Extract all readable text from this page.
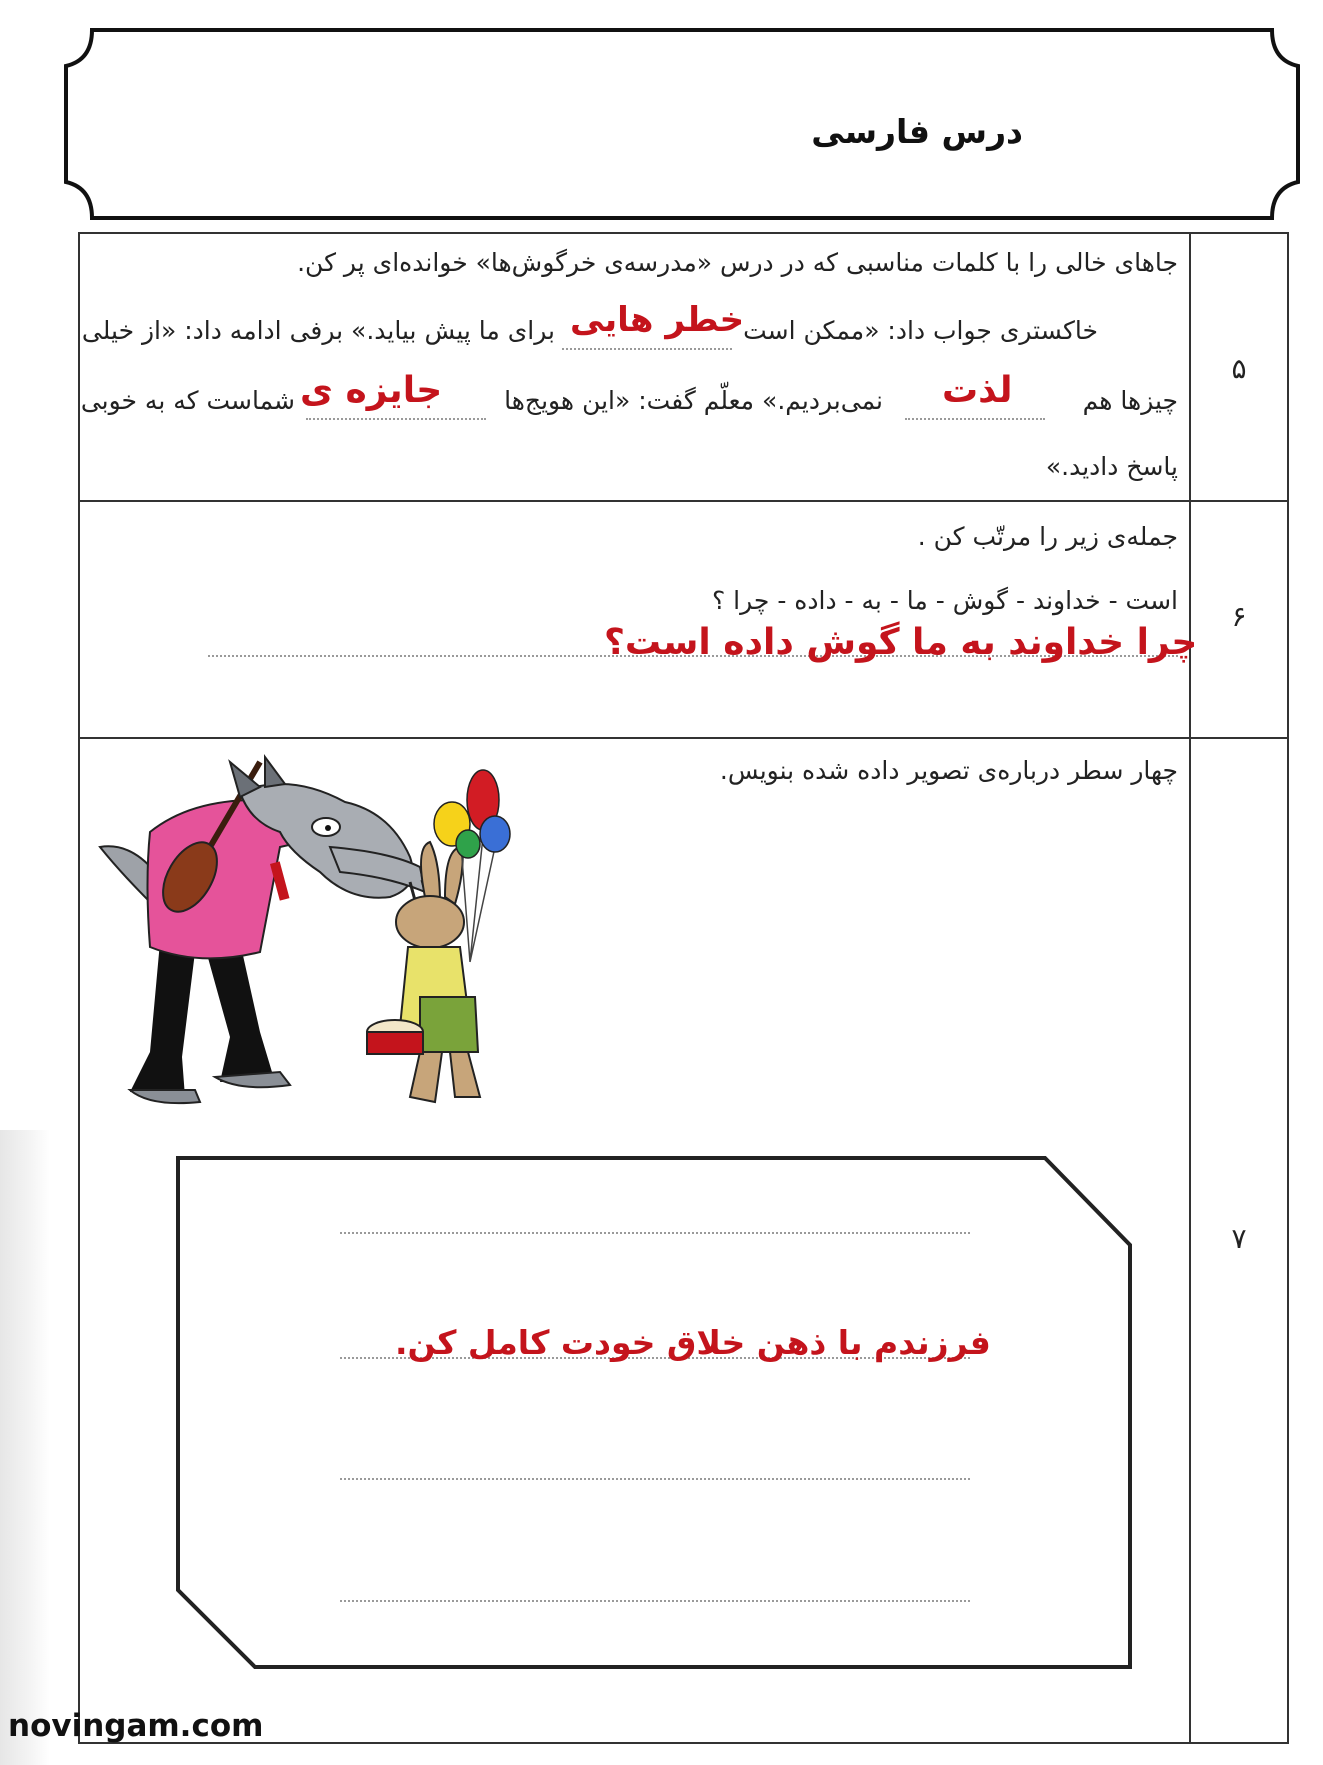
درس فارسی
۵
جاهای خالی را با کلمات مناسبی که در درس «مدرسه‌ی خرگوش‌ها» خوانده‌ای پر کن.
خاکستری جواب داد: «ممکن است
خطر هایی
برای ما پیش بیاید.» برفی ادامه داد: «از خیلی
چیزها هم
لذت
نمی‌بردیم.» معلّم گفت: «این هویج‌ها
جایزه ی
شماست که به خوبی
پاسخ دادید.»
۶
جمله‌ی زیر را مرتّب کن .
است - خداوند - گوش - ما - به - داده - چرا ؟
چرا خداوند به ما گوش داده است؟
۷
چهار سطر درباره‌ی تصویر داده شده بنویس.
فرزندم با ذهن خلاق خودت کامل کن.
novingam.com
